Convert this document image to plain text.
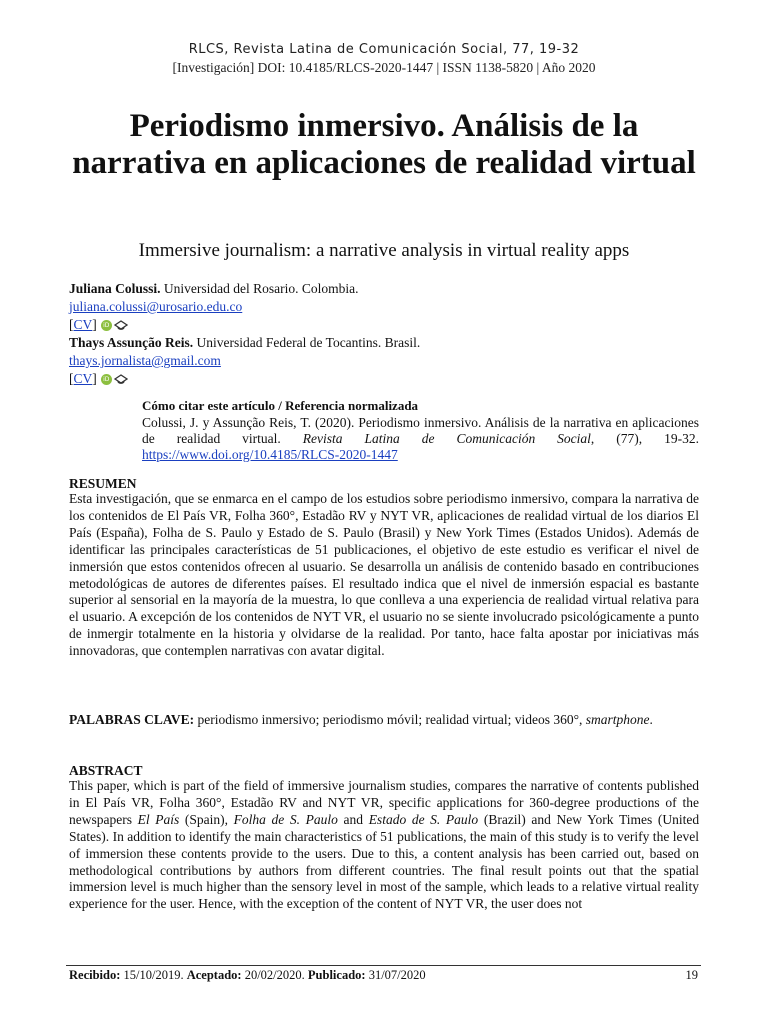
RLCS, Revista Latina de Comunicación Social, 77, 19-32
[Investigación] DOI: 10.4185/RLCS-2020-1447 | ISSN 1138-5820 | Año 2020
Periodismo inmersivo. Análisis de la narrativa en aplicaciones de realidad virtual
Immersive journalism: a narrative analysis in virtual reality apps
Juliana Colussi. Universidad del Rosario. Colombia.
juliana.colussi@urosario.edu.co
[CV] iD
Thays Assunção Reis. Universidad Federal de Tocantins. Brasil.
thays.jornalista@gmail.com
[CV] iD
Cómo citar este artículo / Referencia normalizada
Colussi, J. y Assunção Reis, T. (2020). Periodismo inmersivo. Análisis de la narrativa en aplicaciones de realidad virtual. Revista Latina de Comunicación Social, (77), 19-32. https://www.doi.org/10.4185/RLCS-2020-1447
RESUMEN
Esta investigación, que se enmarca en el campo de los estudios sobre periodismo inmersivo, compara la narrativa de los contenidos de El País VR, Folha 360°, Estadão RV y NYT VR, aplicaciones de realidad virtual de los diarios El País (España), Folha de S. Paulo y Estado de S. Paulo (Brasil) y New York Times (Estados Unidos). Además de identificar las principales características de 51 publicaciones, el objetivo de este estudio es verificar el nivel de inmersión que estos contenidos ofrecen al usuario. Se desarrolla un análisis de contenido basado en contribuciones metodológicas de autores de diferentes países. El resultado indica que el nivel de inmersión espacial es bastante superior al sensorial en la mayoría de la muestra, lo que conlleva a una experiencia de realidad virtual relativa para el usuario. A excepción de los contenidos de NYT VR, el usuario no se siente involucrado psicológicamente a punto de inmergir totalmente en la historia y olvidarse de la realidad. Por tanto, hace falta apostar por iniciativas más innovadoras, que contemplen narrativas con avatar digital.
PALABRAS CLAVE: periodismo inmersivo; periodismo móvil; realidad virtual; videos 360°, smartphone.
ABSTRACT
This paper, which is part of the field of immersive journalism studies, compares the narrative of contents published in El País VR, Folha 360°, Estadão RV and NYT VR, specific applications for 360-degree productions of the newspapers El País (Spain), Folha de S. Paulo and Estado de S. Paulo (Brazil) and New York Times (United States). In addition to identify the main characteristics of 51 publications, the main of this study is to verify the level of immersion these contents provide to the users. Due to this, a content analysis has been carried out, based on methodological contributions by authors from different countries. The final result points out that the spatial immersion level is much higher than the sensory level in most of the sample, which leads to a relative virtual reality experience for the user. Hence, with the exception of the content of NYT VR, the user does not
Recibido: 15/10/2019. Aceptado: 20/02/2020. Publicado: 31/07/2020	19
